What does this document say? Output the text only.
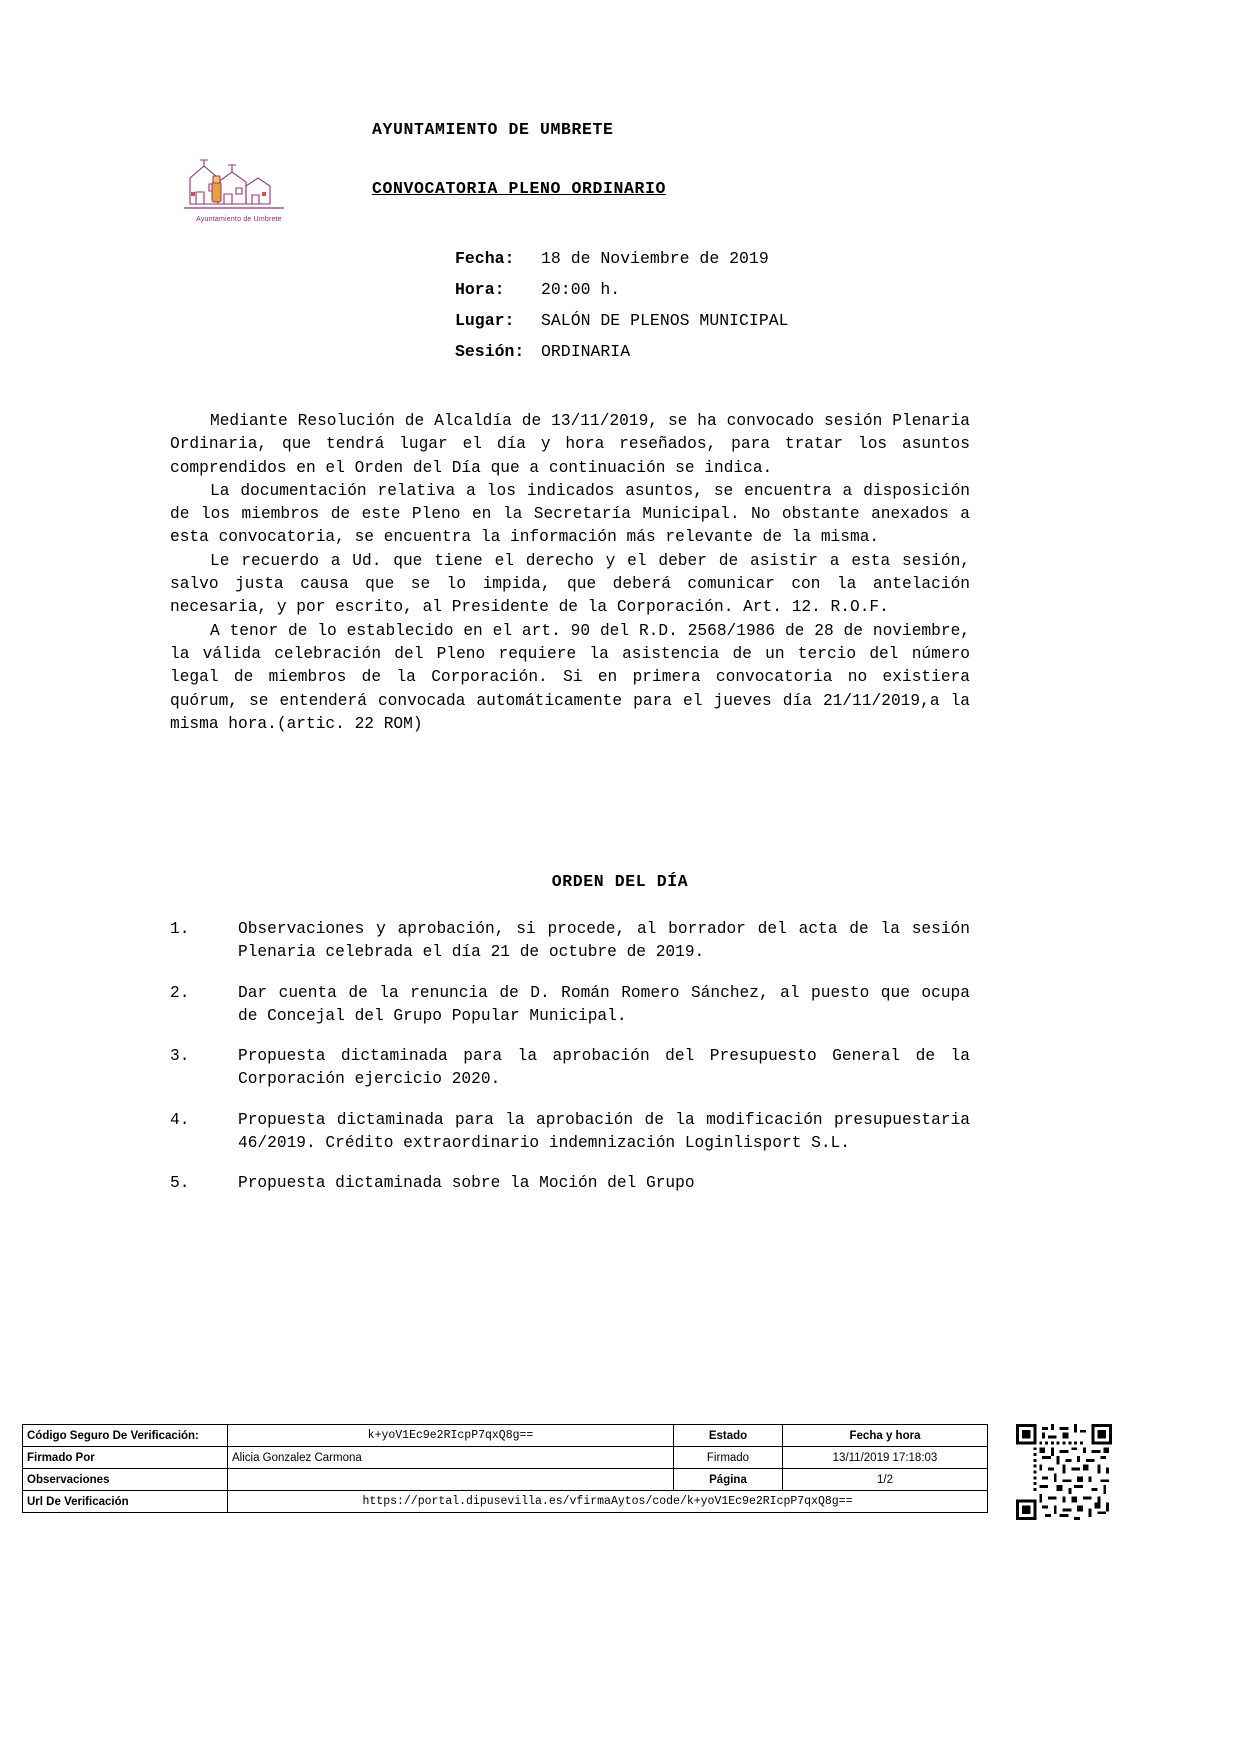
Ayuntamiento de Umbrete
AYUNTAMIENTO DE UMBRETE
CONVOCATORIA PLENO ORDINARIO
Fecha: 18 de Noviembre de 2019
Hora: 20:00 h.
Lugar: SALÓN DE PLENOS MUNICIPAL
Sesión: ORDINARIA

Mediante Resolución de Alcaldía de 13/11/2019, se ha convocado sesión Plenaria Ordinaria, que tendrá lugar el día y hora reseñados, para tratar los asuntos comprendidos en el Orden del Día que a continuación se indica.

La documentación relativa a los indicados asuntos, se encuentra a disposición de los miembros de este Pleno en la Secretaría Municipal. No obstante anexados a esta convocatoria, se encuentra la información más relevante de la misma.

Le recuerdo a Ud. que tiene el derecho y el deber de asistir a esta sesión, salvo justa causa que se lo impida, que deberá comunicar con la antelación necesaria, y por escrito, al Presidente de la Corporación. Art. 12. R.O.F.

A tenor de lo establecido en el art. 90 del R.D. 2568/1986 de 28 de noviembre, la válida celebración del Pleno requiere la asistencia de un tercio del número legal de miembros de la Corporación. Si en primera convocatoria no existiera quórum, se entenderá convocada automáticamente para el jueves día 21/11/2019,a la misma hora.(artic. 22 ROM)

ORDEN DEL DÍA
1.	Observaciones y aprobación, si procede, al borrador del acta de la sesión Plenaria celebrada el día 21 de octubre de 2019.
2.	Dar cuenta de la renuncia de D. Román Romero Sánchez, al puesto que ocupa de Concejal del Grupo Popular Municipal.
3.	Propuesta dictaminada para la aprobación del Presupuesto General de la Corporación ejercicio 2020.
4.	Propuesta dictaminada para la aprobación de la modificación presupuestaria 46/2019. Crédito extraordinario indemnización Loginlisport S.L.
5.	Propuesta dictaminada sobre la Moción del Grupo
Código Seguro De Verificación:	k+yoV1Ec9e2RIcpP7qxQ8g==	Estado	Fecha y hora
Firmado Por	Alicia Gonzalez Carmona	Firmado	13/11/2019 17:18:03
Observaciones		Página	1/2
Url De Verificación	https://portal.dipusevilla.es/vfirmaAytos/code/k+yoV1Ec9e2RIcpP7qxQ8g==		
